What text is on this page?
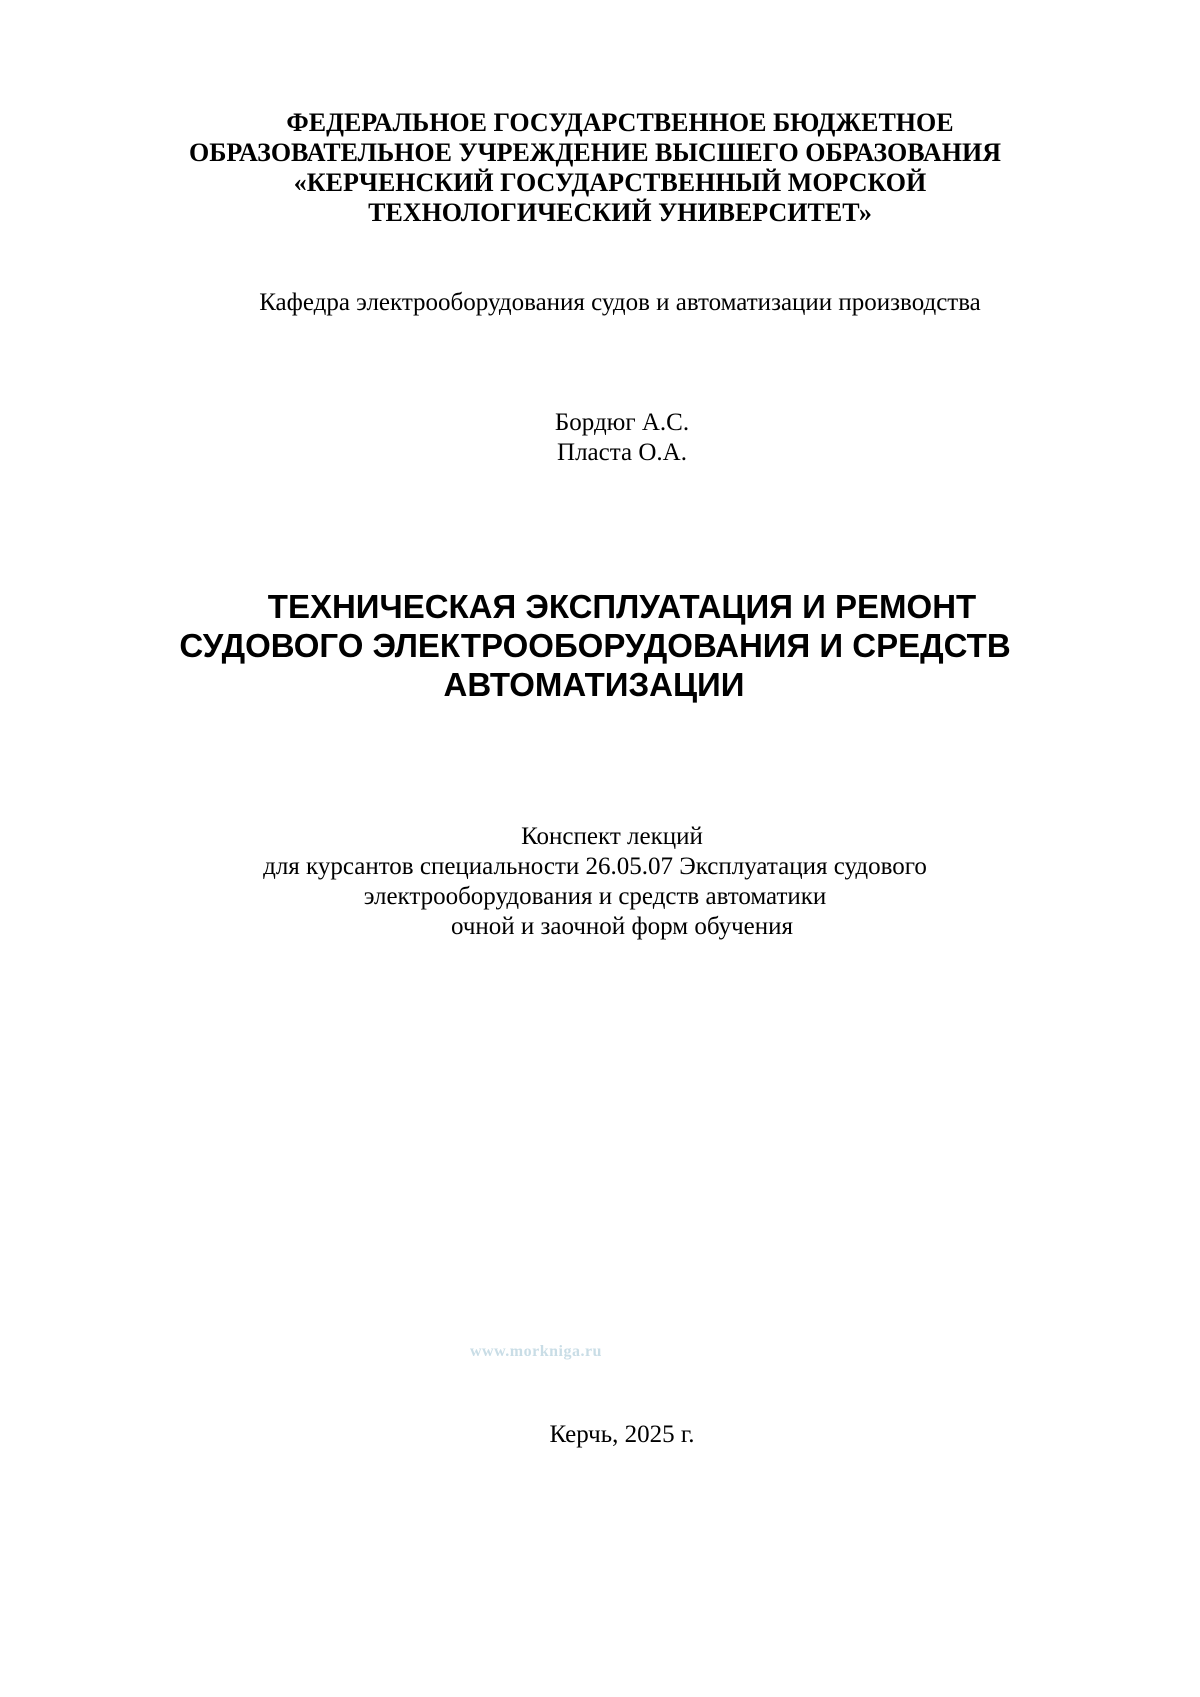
ФЕДЕРАЛЬНОЕ ГОСУДАРСТВЕННОЕ БЮДЖЕТНОЕ
ОБРАЗОВАТЕЛЬНОЕ УЧРЕЖДЕНИЕ ВЫСШЕГО ОБРАЗОВАНИЯ
«КЕРЧЕНСКИЙ ГОСУДАРСТВЕННЫЙ МОРСКОЙ
ТЕХНОЛОГИЧЕСКИЙ УНИВЕРСИТЕТ»
Кафедра электрооборудования судов и автоматизации производства
Бордюг А.С.
Пласта О.А.
ТЕХНИЧЕСКАЯ ЭКСПЛУАТАЦИЯ И РЕМОНТ
СУДОВОГО ЭЛЕКТРООБОРУДОВАНИЯ И СРЕДСТВ
АВТОМАТИЗАЦИИ
Конспект лекций
для курсантов специальности 26.05.07 Эксплуатация судового
электрооборудования и средств автоматики
очной и заочной форм обучения
www.morkniga.ru
Керчь, 2025 г.
